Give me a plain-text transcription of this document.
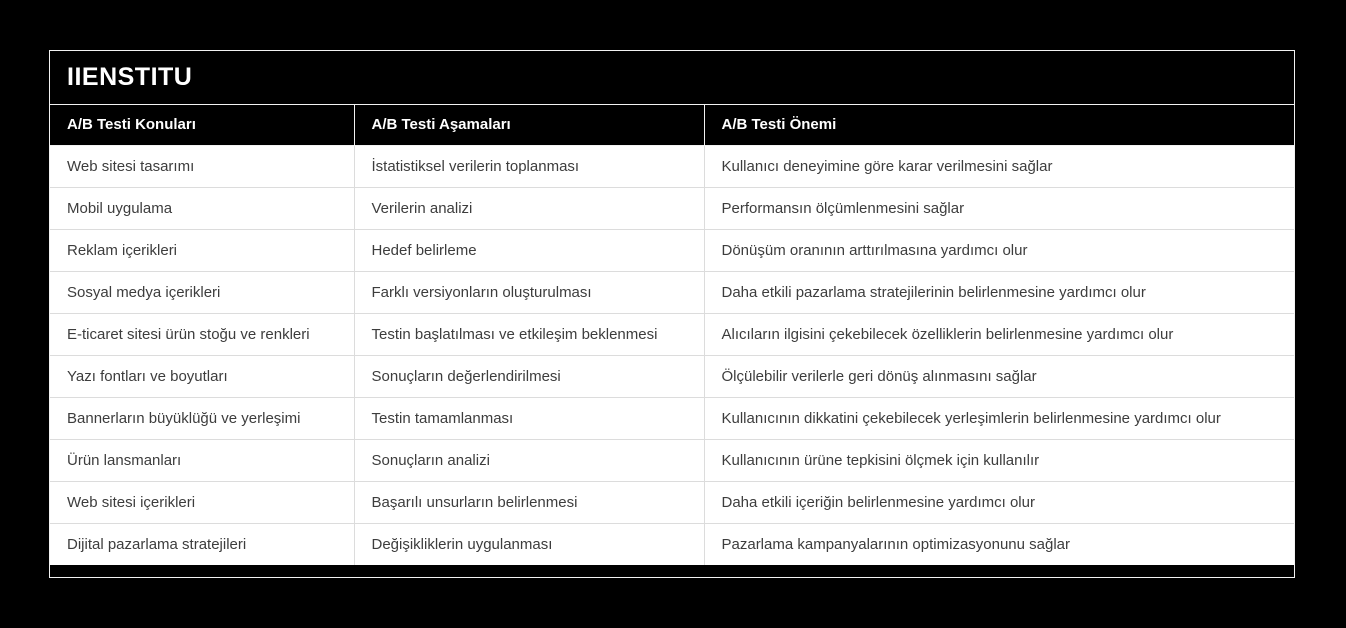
IIENSTITU
A/B Testi Konuları	A/B Testi Aşamaları	A/B Testi Önemi
Web sitesi tasarımı	İstatistiksel verilerin toplanması	Kullanıcı deneyimine göre karar verilmesini sağlar
Mobil uygulama	Verilerin analizi	Performansın ölçümlenmesini sağlar
Reklam içerikleri	Hedef belirleme	Dönüşüm oranının arttırılmasına yardımcı olur
Sosyal medya içerikleri	Farklı versiyonların oluşturulması	Daha etkili pazarlama stratejilerinin belirlenmesine yardımcı olur
E-ticaret sitesi ürün stoğu ve renkleri	Testin başlatılması ve etkileşim beklenmesi	Alıcıların ilgisini çekebilecek özelliklerin belirlenmesine yardımcı olur
Yazı fontları ve boyutları	Sonuçların değerlendirilmesi	Ölçülebilir verilerle geri dönüş alınmasını sağlar
Bannerların büyüklüğü ve yerleşimi	Testin tamamlanması	Kullanıcının dikkatini çekebilecek yerleşimlerin belirlenmesine yardımcı olur
Ürün lansmanları	Sonuçların analizi	Kullanıcının ürüne tepkisini ölçmek için kullanılır
Web sitesi içerikleri	Başarılı unsurların belirlenmesi	Daha etkili içeriğin belirlenmesine yardımcı olur
Dijital pazarlama stratejileri	Değişikliklerin uygulanması	Pazarlama kampanyalarının optimizasyonunu sağlar
